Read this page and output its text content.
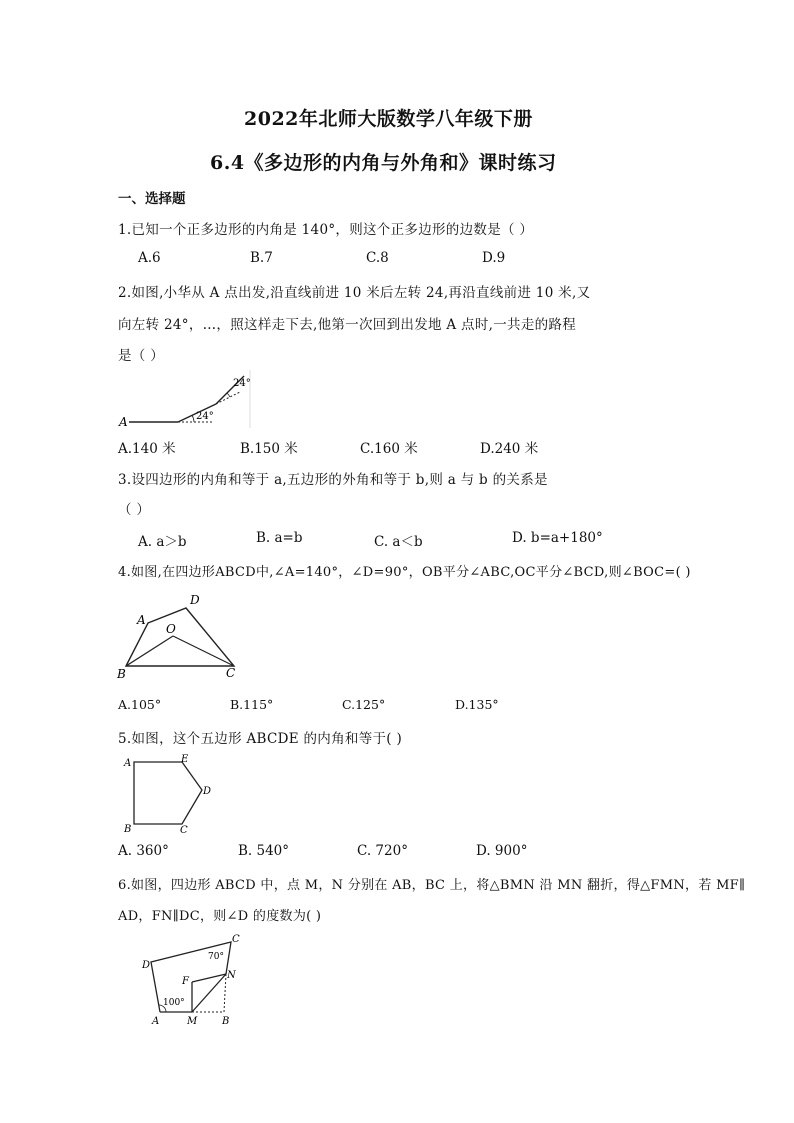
2022年北师大版数学八年级下册
6.4《多边形的内角与外角和》课时练习
一、选择题
1.已知一个正多边形的内角是 140°，则这个正多边形的边数是（ ）
A.6	B.7	C.8	D.9
2.如图,小华从 A 点出发,沿直线前进 10 米后左转 24,再沿直线前进 10 米,又
向左转 24°，…，照这样走下去,他第一次回到出发地 A 点时,一共走的路程
是（ ）
A	24°
24°
A.140 米	B.150 米	C.160 米	D.240 米
3.设四边形的内角和等于 a,五边形的外角和等于 b,则 a 与 b 的关系是
（ ）
A. a＞b	B. a=b	C. a＜b	D. b=a+180°
4.如图,在四边形ABCD中,∠A=140°，∠D=90°，OB平分∠ABC,OC平分∠BCD,则∠BOC=( )
A
D
O
B	C
A.105°	B.115°	C.125°	D.135°
5.如图，这个五边形 ABCDE 的内角和等于( )
A	E
D
B	C
A. 360°	B. 540°	C. 720°	D. 900°
6.如图，四边形 ABCD 中，点 M，N 分别在 AB，BC 上，将△BMN 沿 MN 翻折，得△FMN，若 MF∥
AD，FN∥DC，则∠D 的度数为( )
D
C
N
F
A	M B
70°
100°
